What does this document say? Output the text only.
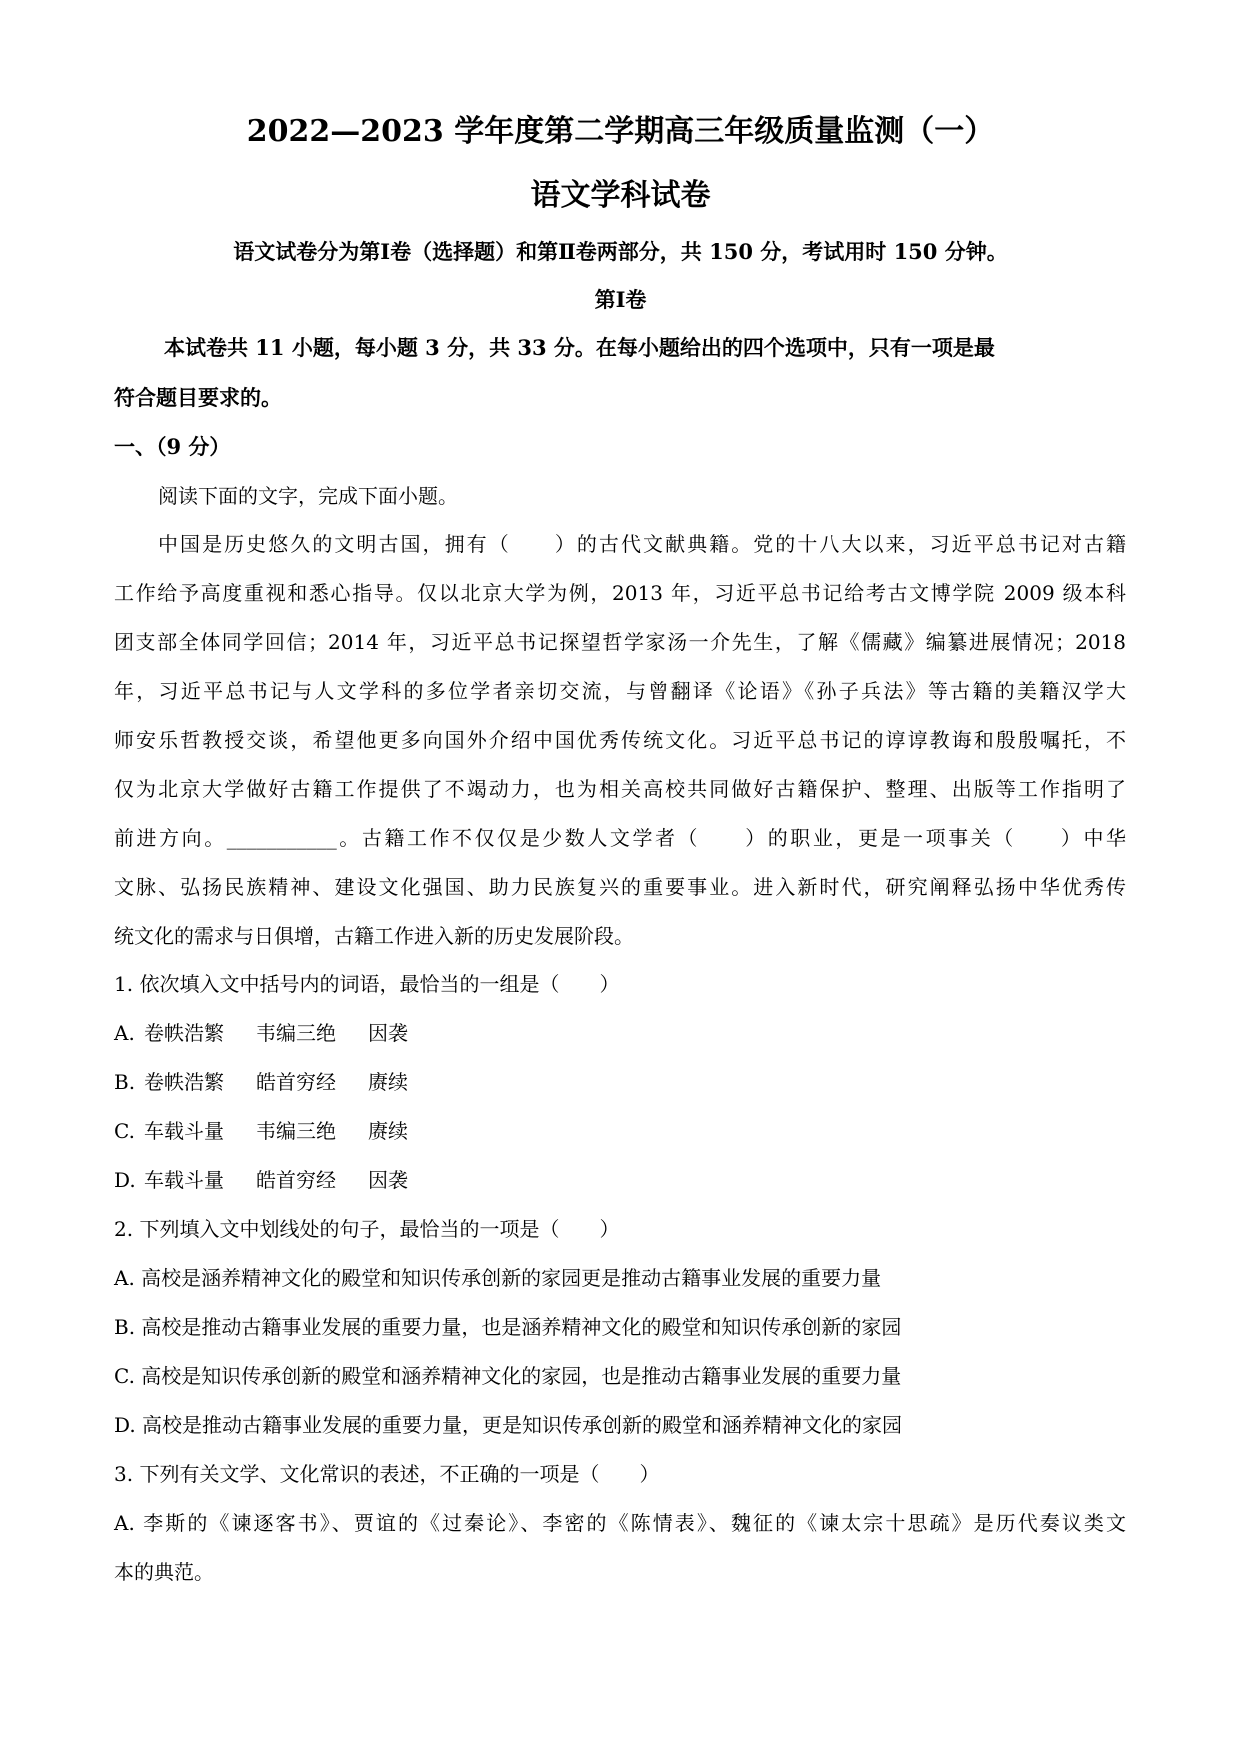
2022—2023 学年度第二学期高三年级质量监测（一）
语文学科试卷
语文试卷分为第Ⅰ卷（选择题）和第Ⅱ卷两部分，共 150 分，考试用时 150 分钟。
第Ⅰ卷
本试卷共 11 小题，每小题 3 分，共 33 分。在每小题给出的四个选项中，只有一项是最
符合题目要求的。
一、（9 分）
阅读下面的文字，完成下面小题。
中国是历史悠久的文明古国，拥有（　　）的古代文献典籍。党的十八大以来，习近平总书记对古籍
工作给予高度重视和悉心指导。仅以北京大学为例，2013 年，习近平总书记给考古文博学院 2009 级本科
团支部全体同学回信；2014 年，习近平总书记探望哲学家汤一介先生，了解《儒藏》编纂进展情况；2018
年，习近平总书记与人文学科的多位学者亲切交流，与曾翻译《论语》《孙子兵法》等古籍的美籍汉学大
师安乐哲教授交谈，希望他更多向国外介绍中国优秀传统文化。习近平总书记的谆谆教诲和殷殷嘱托，不
仅为北京大学做好古籍工作提供了不竭动力，也为相关高校共同做好古籍保护、整理、出版等工作指明了
前进方向。___________。古籍工作不仅仅是少数人文学者（　　）的职业，更是一项事关（　　）中华
文脉、弘扬民族精神、建设文化强国、助力民族复兴的重要事业。进入新时代，研究阐释弘扬中华优秀传
统文化的需求与日俱增，古籍工作进入新的历史发展阶段。
1. 依次填入文中括号内的词语，最恰当的一组是（　　）
A. 卷帙浩繁 韦编三绝 因袭
B. 卷帙浩繁 皓首穷经 赓续
C. 车载斗量 韦编三绝 赓续
D. 车载斗量 皓首穷经 因袭
2. 下列填入文中划线处的句子，最恰当的一项是（　　）
A. 高校是涵养精神文化的殿堂和知识传承创新的家园更是推动古籍事业发展的重要力量
B. 高校是推动古籍事业发展的重要力量，也是涵养精神文化的殿堂和知识传承创新的家园
C. 高校是知识传承创新的殿堂和涵养精神文化的家园，也是推动古籍事业发展的重要力量
D. 高校是推动古籍事业发展的重要力量，更是知识传承创新的殿堂和涵养精神文化的家园
3. 下列有关文学、文化常识的表述，不正确的一项是（　　）
A. 李斯的《谏逐客书》、贾谊的《过秦论》、李密的《陈情表》、魏征的《谏太宗十思疏》是历代奏议类文
本的典范。
